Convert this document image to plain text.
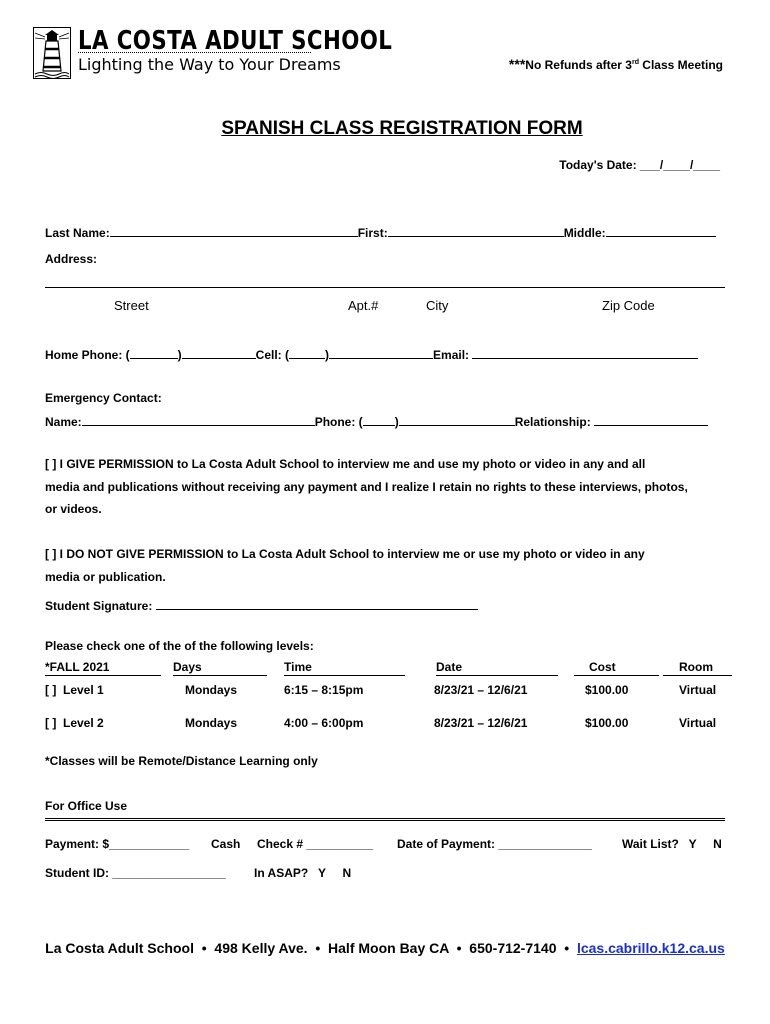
LA COSTA ADULT SCHOOL
Lighting the Way to Your Dreams	***No Refunds after 3rd Class Meeting
SPANISH CLASS REGISTRATION FORM
Today's Date: ___/____/____
Last Name:	First:	Middle:
Address:
Street	Apt.#	City	Zip Code
Home Phone: (	)	Cell: (	)	Email:
Emergency Contact:
Name:	Phone: (	)	Relationship:
[ ] I GIVE PERMISSION to La Costa Adult School to interview me and use my photo or video in any and all
media and publications without receiving any payment and I realize I retain no rights to these interviews, photos,
or videos.
[ ] I DO NOT GIVE PERMISSION to La Costa Adult School to interview me or use my photo or video in any
media or publication.
Student Signature:
Please check one of the of the following levels:
*FALL 2021	Days	Time	Date	Cost	Room
[ ] Level 1	Mondays	6:15 – 8:15pm	8/23/21 – 12/6/21	$100.00	Virtual
[ ] Level 2	Mondays	4:00 – 6:00pm	8/23/21 – 12/6/21	$100.00	Virtual
*Classes will be Remote/Distance Learning only
For Office Use
Payment: $____________ Cash Check # __________ Date of Payment: ______________	Wait List?   Y     N
Student ID: _________________ In ASAP?   Y     N
La Costa Adult School  •  498 Kelly Ave.  •  Half Moon Bay CA  •  650-712-7140  •  lcas.cabrillo.k12.ca.us
